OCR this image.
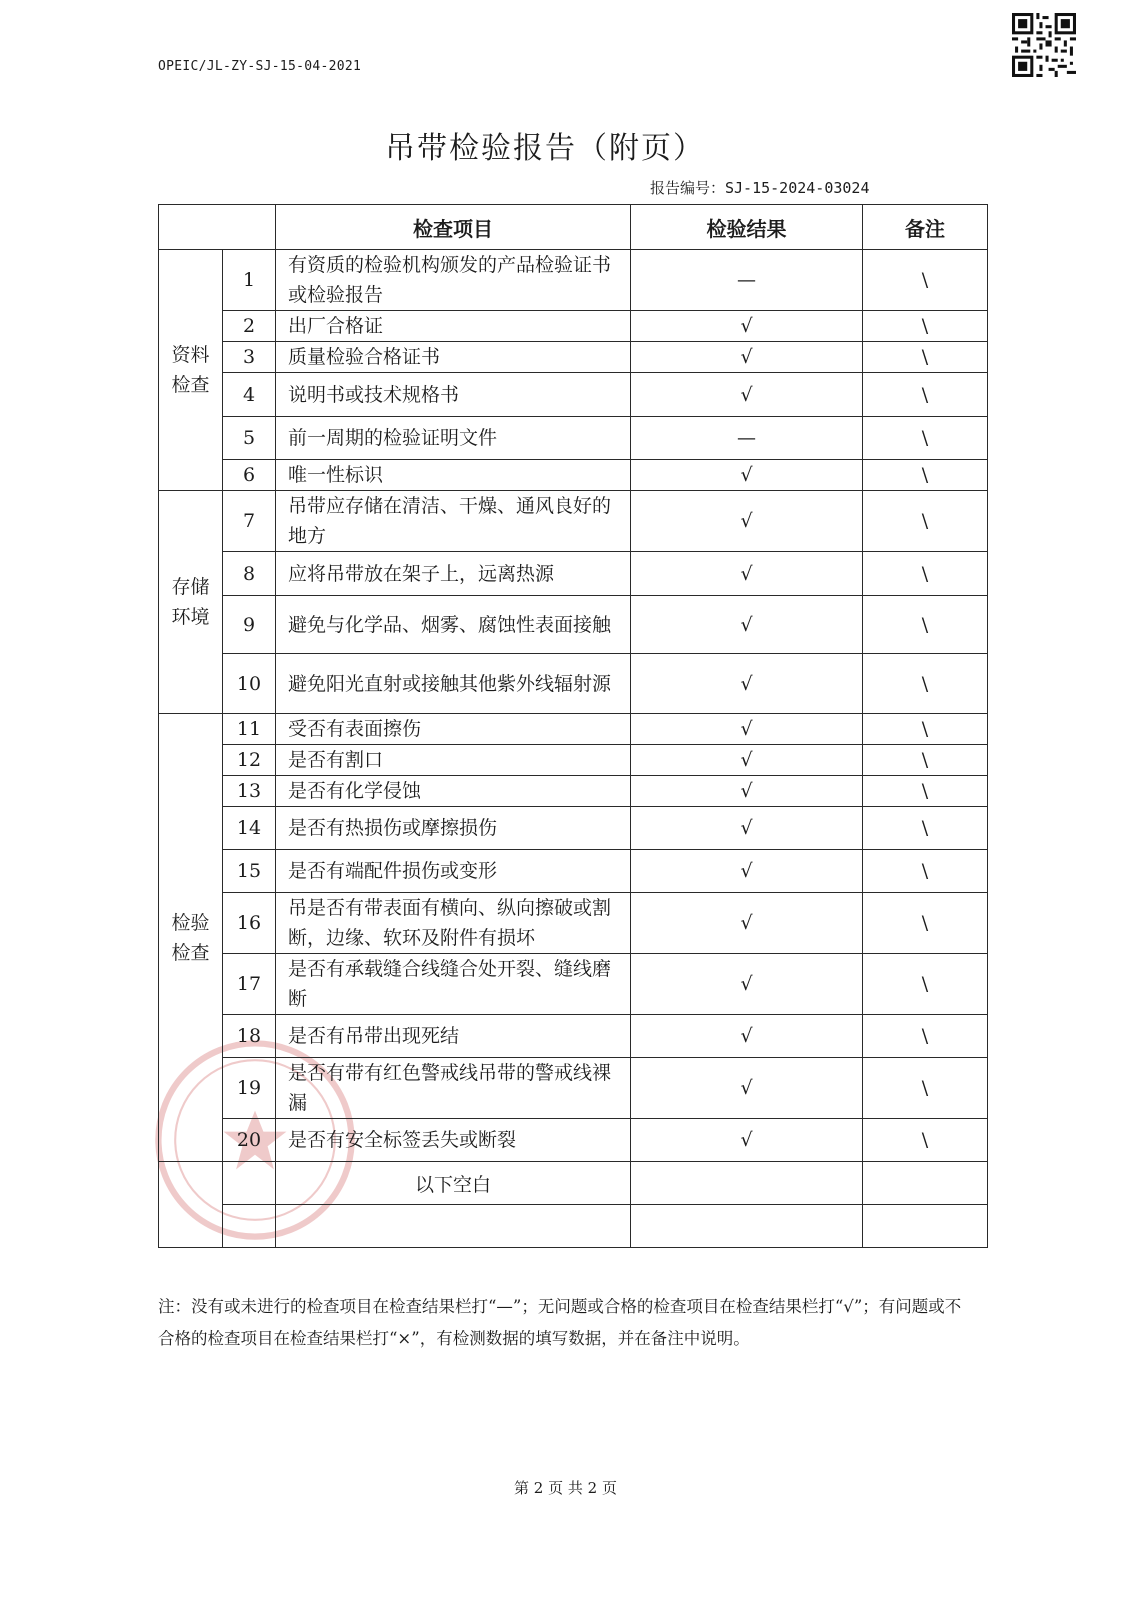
OPEIC/JL-ZY-SJ-15-04-2021
吊带检验报告（附页）
报告编号：SJ-15-2024-03024
		检查项目	检验结果	备注

资料检查	1	有资质的检验机构颁发的产品检验证书或检验报告	—	\
	2	出厂合格证	√	\
	3	质量检验合格证书	√	\
	4	说明书或技术规格书	√	\
	5	前一周期的检验证明文件	—	\
	6	唯一性标识	√	\

存储环境	7	吊带应存储在清洁、干燥、通风良好的地方	√	\
	8	应将吊带放在架子上，远离热源	√	\
	9	避免与化学品、烟雾、腐蚀性表面接触	√	\
	10	避免阳光直射或接触其他紫外线辐射源	√	\

检验检查	11	受否有表面擦伤	√	\
	12	是否有割口	√	\
	13	是否有化学侵蚀	√	\
	14	是否有热损伤或摩擦损伤	√	\
	15	是否有端配件损伤或变形	√	\
	16	吊是否有带表面有横向、纵向擦破或割断，边缘、软环及附件有损坏	√	\
	17	是否有承载缝合线缝合处开裂、缝线磨断	√	\
	18	是否有吊带出现死结	√	\
	19	是否有带有红色警戒线吊带的警戒线裸漏	√	\
	20	是否有安全标签丢失或断裂	√	\
		以下空白		

注：没有或未进行的检查项目在检查结果栏打“—”；无问题或合格的检查项目在检查结果栏打“√”；有问题或不合格的检查项目在检查结果栏打“×”，有检测数据的填写数据，并在备注中说明。
第 2 页 共 2 页
